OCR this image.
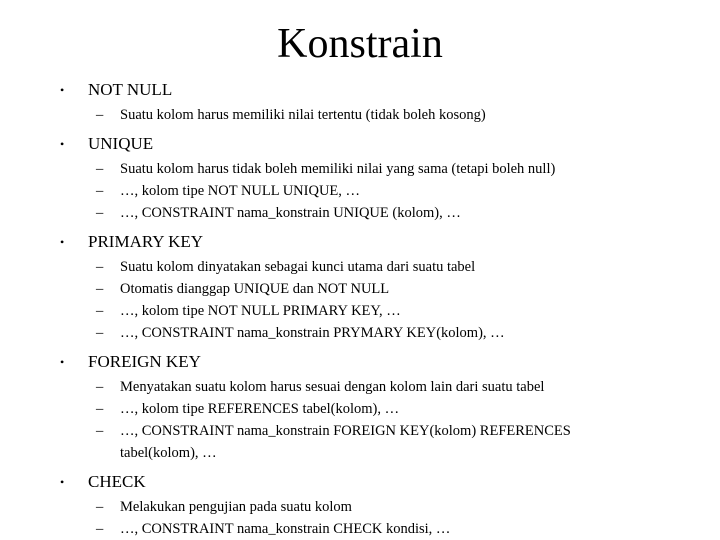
Konstrain
• NOT NULL
– Suatu kolom harus memiliki nilai tertentu (tidak boleh kosong)
• UNIQUE
– Suatu kolom harus tidak boleh memiliki nilai yang sama (tetapi boleh null)
– …, kolom tipe NOT NULL UNIQUE, …
– …, CONSTRAINT nama_konstrain UNIQUE (kolom), …
• PRIMARY KEY
– Suatu kolom dinyatakan sebagai kunci utama dari suatu tabel
– Otomatis dianggap UNIQUE dan NOT NULL
– …, kolom tipe NOT NULL PRIMARY KEY, …
– …, CONSTRAINT nama_konstrain PRYMARY KEY(kolom), …
• FOREIGN KEY
– Menyatakan suatu kolom harus sesuai dengan kolom lain dari suatu tabel
– …, kolom tipe REFERENCES tabel(kolom), …
– …, CONSTRAINT nama_konstrain FOREIGN KEY(kolom) REFERENCES tabel(kolom), …
• CHECK
– Melakukan pengujian pada suatu kolom
– …, CONSTRAINT nama_konstrain CHECK kondisi, …
